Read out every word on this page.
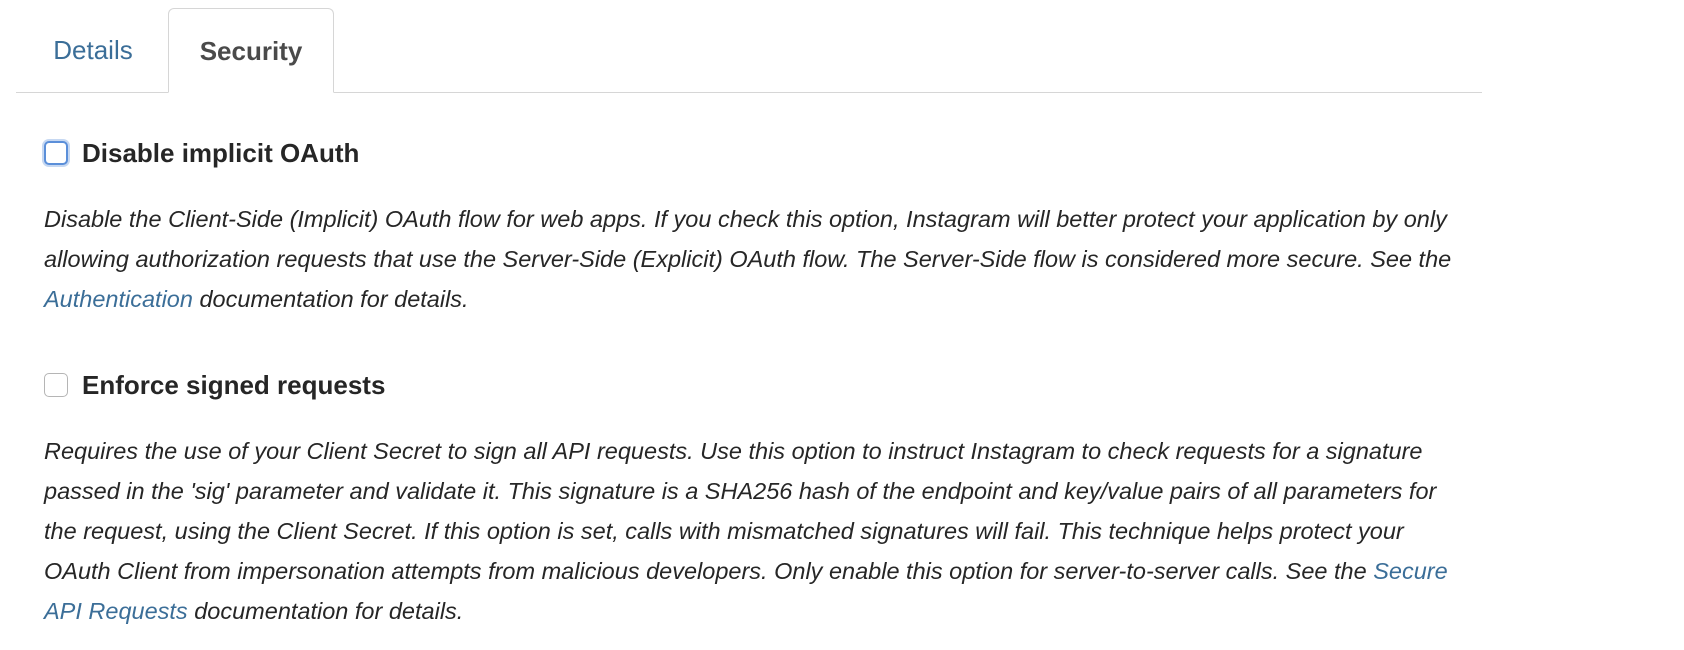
Details	Security
Disable implicit OAuth
Disable the Client-Side (Implicit) OAuth flow for web apps. If you check this option, Instagram will better protect your application by only allowing authorization requests that use the Server-Side (Explicit) OAuth flow. The Server-Side flow is considered more secure. See the Authentication documentation for details.
Enforce signed requests
Requires the use of your Client Secret to sign all API requests. Use this option to instruct Instagram to check requests for a signature passed in the 'sig' parameter and validate it. This signature is a SHA256 hash of the endpoint and key/value pairs of all parameters for the request, using the Client Secret. If this option is set, calls with mismatched signatures will fail. This technique helps protect your OAuth Client from impersonation attempts from malicious developers. Only enable this option for server-to-server calls. See the Secure API Requests documentation for details.
